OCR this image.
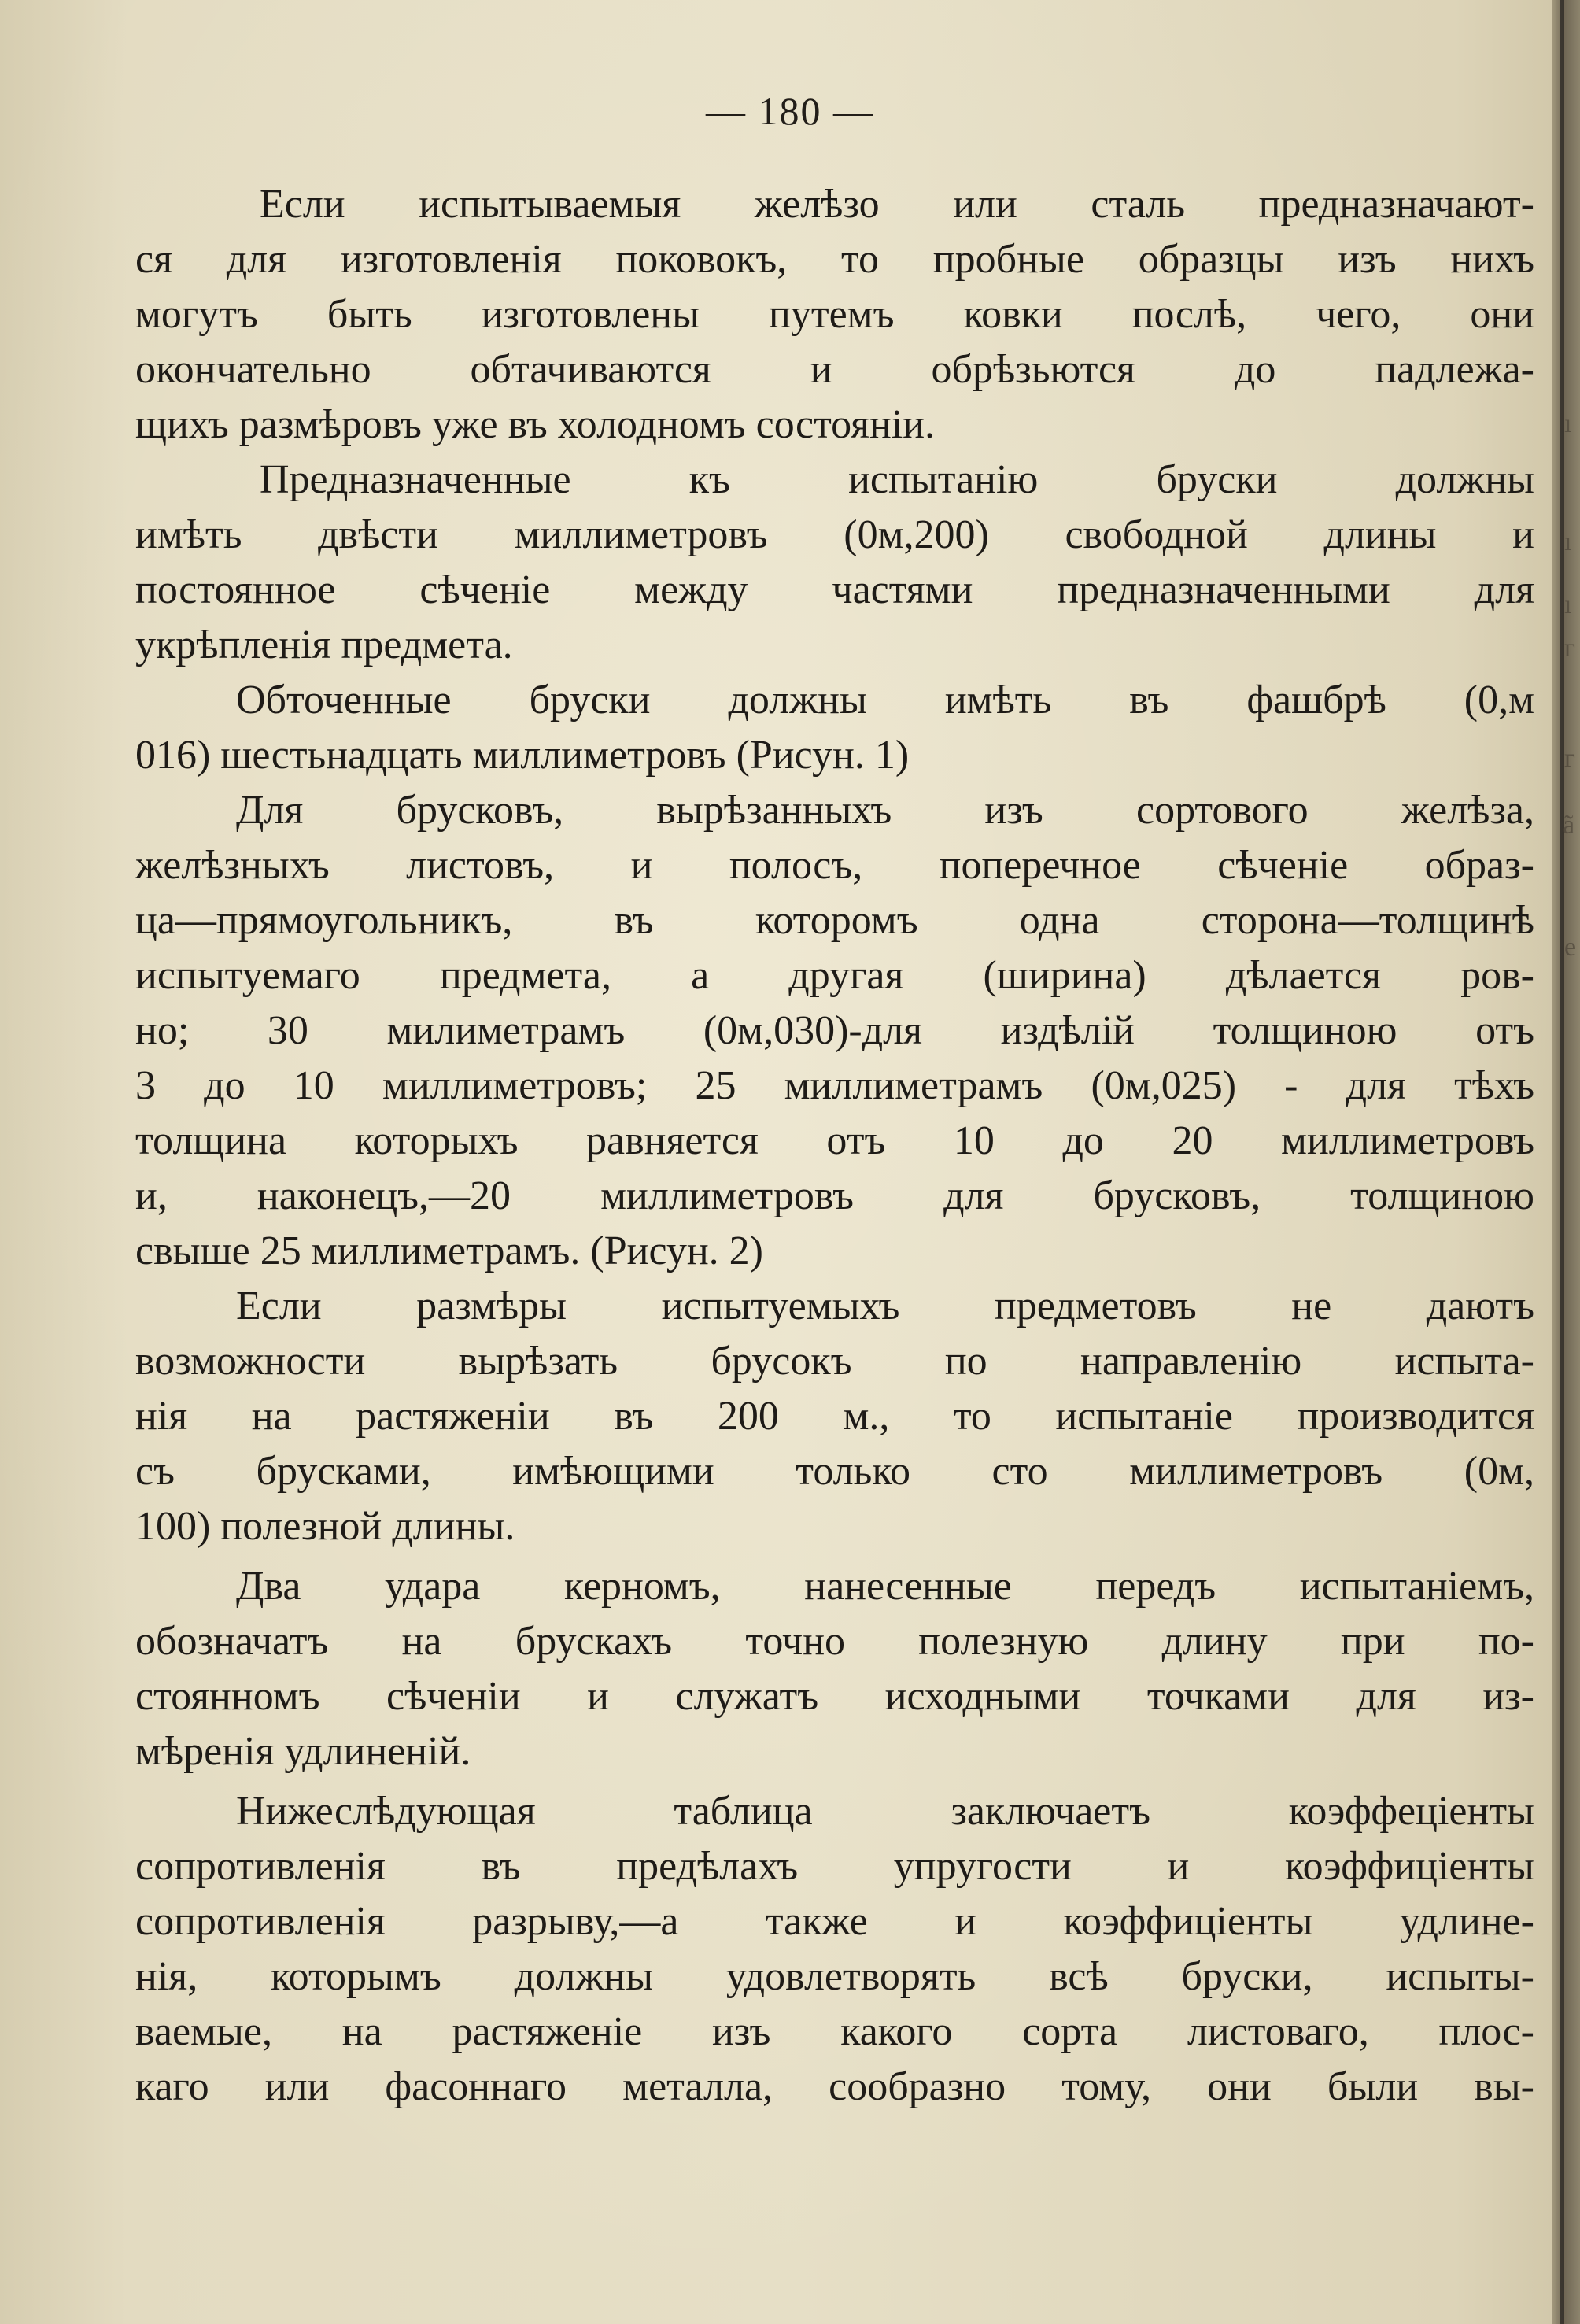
— 180 —
ı
ı
ı
г
г
ã
е
Если испытываемыя желѣзо или сталь предназначают-
ся для изготовленія поковокъ, то пробные образцы изъ нихъ
могутъ быть изготовлены путемъ ковки послѣ, чего, они
окончательно обтачиваются и обрѣзьются до падлежа-
щихъ размѣровъ уже въ холодномъ состояніи.
Предназначенные къ испытанію бруски должны
имѣть двѣсти миллиметровъ (0м,200) свободной длины и
постоянное сѣченіе между частями предназначенными для
укрѣпленія предмета.
Обточенные бруски должны имѣть въ фашбрѣ (0,м
016) шестьнадцать миллиметровъ (Рисун. 1)
Для брусковъ, вырѣзанныхъ изъ сортового желѣза,
желѣзныхъ листовъ, и полосъ, поперечное сѣченіе образ-
ца—прямоугольникъ, въ которомъ одна сторона—толщинѣ
испытуемаго предмета, а другая (ширина) дѣлается ров-
но; 30 милиметрамъ (0м,030)-для издѣлій толщиною отъ
3 до 10 миллиметровъ; 25 миллиметрамъ (0м,025) - для тѣхъ
толщина которыхъ равняется отъ 10 до 20 миллиметровъ
и, наконецъ,—20 миллиметровъ для брусковъ, толщиною
свыше 25 миллиметрамъ. (Рисун. 2)
Если размѣры испытуемыхъ предметовъ не даютъ
возможности вырѣзать брусокъ по направленію испыта-
нія на растяженіи въ 200 м., то испытаніе производится
съ брусками, имѣющими только сто миллиметровъ (0м,
100) полезной длины.
Два удара керномъ, нанесенные передъ испытаніемъ,
обозначатъ на брускахъ точно полезную длину при по-
стоянномъ сѣченіи и служатъ исходными точками для из-
мѣренія удлиненій.
Нижеслѣдующая таблица заключаетъ коэффеціенты
сопротивленія въ предѣлахъ упругости и коэффиціенты
сопротивленія разрыву,—а также и коэффиціенты удлине-
нія, которымъ должны удовлетворять всѣ бруски, испыты-
ваемые, на растяженіе изъ какого сорта листоваго, плос-
каго или фасоннаго металла, сообразно тому, они были вы-
